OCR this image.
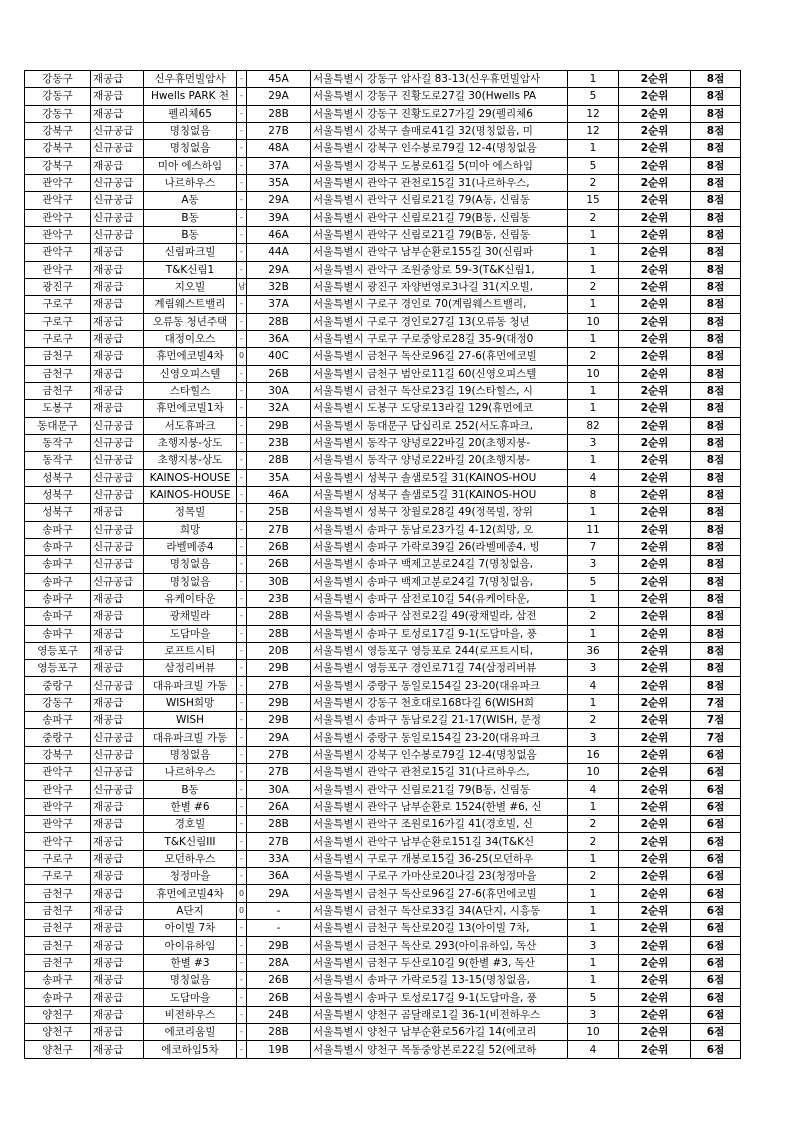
강동구	재공급	신우휴먼빌암사	-	45A	서울특별시 강동구 암사길 83-13(신우휴먼빌암사	1	2순위	8점
강동구	재공급	Hwells PARK 천	-	29A	서울특별시 강동구 진황도로27길 30(Hwells PA	5	2순위	8점
강동구	재공급	펠리체65	-	28B	서울특별시 강동구 진황도로27가길 29(펠리체6	12	2순위	8점
강북구	신규공급	명칭없음	-	27B	서울특별시 강북구 솔매로41길 32(명칭없음, 미	12	2순위	8점
강북구	신규공급	명칭없음	-	48A	서울특별시 강북구 인수봉로79길 12-4(명칭없음	1	2순위	8점
강북구	재공급	미아 에스하임	-	37A	서울특별시 강북구 도봉로61길 5(미아 에스하임	5	2순위	8점
관악구	신규공급	나르하우스	-	35A	서울특별시 관악구 관천로15길 31(나르하우스,	2	2순위	8점
관악구	신규공급	A동	-	29A	서울특별시 관악구 신림로21길 79(A동, 신림동	15	2순위	8점
관악구	신규공급	B동	-	39A	서울특별시 관악구 신림로21길 79(B동, 신림동	2	2순위	8점
관악구	신규공급	B동	-	46A	서울특별시 관악구 신림로21길 79(B동, 신림동	1	2순위	8점
관악구	재공급	신림파크빌	-	44A	서울특별시 관악구 남부순환로155길 30(신림파	1	2순위	8점
관악구	재공급	T&K신림1	-	29A	서울특별시 관악구 조원중앙로 59-3(T&K신림1,	1	2순위	8점
광진구	재공급	지오빌	남	32B	서울특별시 광진구 자양번영로3나길 31(지오빌,	2	2순위	8점
구로구	재공급	계림웨스트밸리	-	37A	서울특별시 구로구 경인로 70(계림웨스트밸리,	1	2순위	8점
구로구	재공급	오류동 청년주택	-	28B	서울특별시 구로구 경인로27길 13(오류동 청년	10	2순위	8점
구로구	재공급	대정이오스	-	36A	서울특별시 구로구 구로중앙로28길 35-9(대정0	1	2순위	8점
금천구	재공급	휴먼에코빌4차	0	40C	서울특별시 금천구 독산로96길 27-6(휴먼에코빌	2	2순위	8점
금천구	재공급	신영오피스텔	-	26B	서울특별시 금천구 범안로11길 60(신영오피스텔	10	2순위	8점
금천구	재공급	스타힐스	-	30A	서울특별시 금천구 독산로23길 19(스타힐스, 시	1	2순위	8점
도봉구	재공급	휴먼에코빌1차	-	32A	서울특별시 도봉구 도당로13라길 129(휴먼에코	1	2순위	8점
동대문구	신규공급	서도휴파크	-	29B	서울특별시 동대문구 답십리로 252(서도휴파크,	82	2순위	8점
동작구	신규공급	초행지붕-상도	-	23B	서울특별시 동작구 양녕로22바길 20(초행지붕-	3	2순위	8점
동작구	신규공급	초행지붕-상도	-	28B	서울특별시 동작구 양녕로22바길 20(초행지붕-	1	2순위	8점
성북구	신규공급	KAINOS-HOUSE	-	35A	서울특별시 성북구 솔샘로5길 31(KAINOS-HOU	4	2순위	8점
성북구	신규공급	KAINOS-HOUSE	-	46A	서울특별시 성북구 솔샘로5길 31(KAINOS-HOU	8	2순위	8점
성북구	재공급	정목빌	-	25B	서울특별시 성북구 장월로28길 49(정목빌, 장위	1	2순위	8점
송파구	신규공급	희망	-	27B	서울특별시 송파구 동남로23가길 4-12(희망, 오	11	2순위	8점
송파구	신규공급	라벨메종4	-	26B	서울특별시 송파구 가락로39길 26(라벨메종4, 빙	7	2순위	8점
송파구	신규공급	명칭없음	-	26B	서울특별시 송파구 백제고분로24길 7(명칭없음,	3	2순위	8점
송파구	신규공급	명칭없음	-	30B	서울특별시 송파구 백제고분로24길 7(명칭없음,	5	2순위	8점
송파구	재공급	유케이타운	-	23B	서울특별시 송파구 삼전로10길 54(유케이타운,	1	2순위	8점
송파구	재공급	광채빌라	-	28B	서울특별시 송파구 삼전로2길 49(광채빌라, 삼전	2	2순위	8점
송파구	재공급	도담마을	-	28B	서울특별시 송파구 토성로17길 9-1(도담마을, 풍	1	2순위	8점
영등포구	재공급	로프트시티	-	20B	서울특별시 영등포구 영등포로 244(로프트시티,	36	2순위	8점
영등포구	재공급	삼정리버뷰	-	29B	서울특별시 영등포구 경인로71길 74(삼정리버뷰	3	2순위	8점
중랑구	신규공급	대유파크빌 가동	-	27B	서울특별시 중랑구 동일로154길 23-20(대유파크	4	2순위	8점
강동구	재공급	WISH희망	-	29B	서울특별시 강동구 천호대로168다길 6(WISH희	1	2순위	7점
송파구	재공급	WISH	-	29B	서울특별시 송파구 동남로2길 21-17(WISH, 문정	2	2순위	7점
중랑구	신규공급	대유파크빌 가동	-	29A	서울특별시 중랑구 동일로154길 23-20(대유파크	3	2순위	7점
강북구	신규공급	명칭없음	-	27B	서울특별시 강북구 인수봉로79길 12-4(명칭없음	16	2순위	6점
관악구	신규공급	나르하우스	-	27B	서울특별시 관악구 관천로15길 31(나르하우스,	10	2순위	6점
관악구	신규공급	B동	-	30A	서울특별시 관악구 신림로21길 79(B동, 신림동	4	2순위	6점
관악구	재공급	한별 #6	-	26A	서울특별시 관악구 남부순환로 1524(한별 #6, 신	1	2순위	6점
관악구	재공급	경호빌	-	28B	서울특별시 관악구 조원로16가길 41(경호빌, 신	2	2순위	6점
관악구	재공급	T&K신림III	-	27B	서울특별시 관악구 남부순환로151길 34(T&K신	2	2순위	6점
구로구	재공급	모던하우스	-	33A	서울특별시 구로구 개봉로15길 36-25(모던하우	1	2순위	6점
구로구	재공급	청정마을	-	36A	서울특별시 구로구 가마산로20나길 23(청정마을	2	2순위	6점
금천구	재공급	휴먼에코빌4차	0	29A	서울특별시 금천구 독산로96길 27-6(휴먼에코빌	1	2순위	6점
금천구	재공급	A단지	0	-	서울특별시 금천구 독산로33길 34(A단지, 시흥동	1	2순위	6점
금천구	재공급	아이빌 7차	-	-	서울특별시 금천구 독산로20길 13(아이빌 7차,	1	2순위	6점
금천구	재공급	아이유하임	-	29B	서울특별시 금천구 독산로 293(아이유하임, 독산	3	2순위	6점
금천구	재공급	한별 #3	-	28A	서울특별시 금천구 두산로10길 9(한별 #3, 독산	1	2순위	6점
송파구	재공급	명칭없음	-	26B	서울특별시 송파구 가락로5길 13-15(명칭없음,	1	2순위	6점
송파구	재공급	도담마을	-	26B	서울특별시 송파구 토성로17길 9-1(도담마을, 풍	5	2순위	6점
양천구	재공급	비전하우스	-	24B	서울특별시 양천구 곰달래로1길 36-1(비전하우스	3	2순위	6점
양천구	재공급	에코리움빌	-	28B	서울특별시 양천구 남부순환로56가길 14(에코리	10	2순위	6점
양천구	재공급	에코하임5차	-	19B	서울특별시 양천구 목동중앙본로22길 52(에코하	4	2순위	6점
